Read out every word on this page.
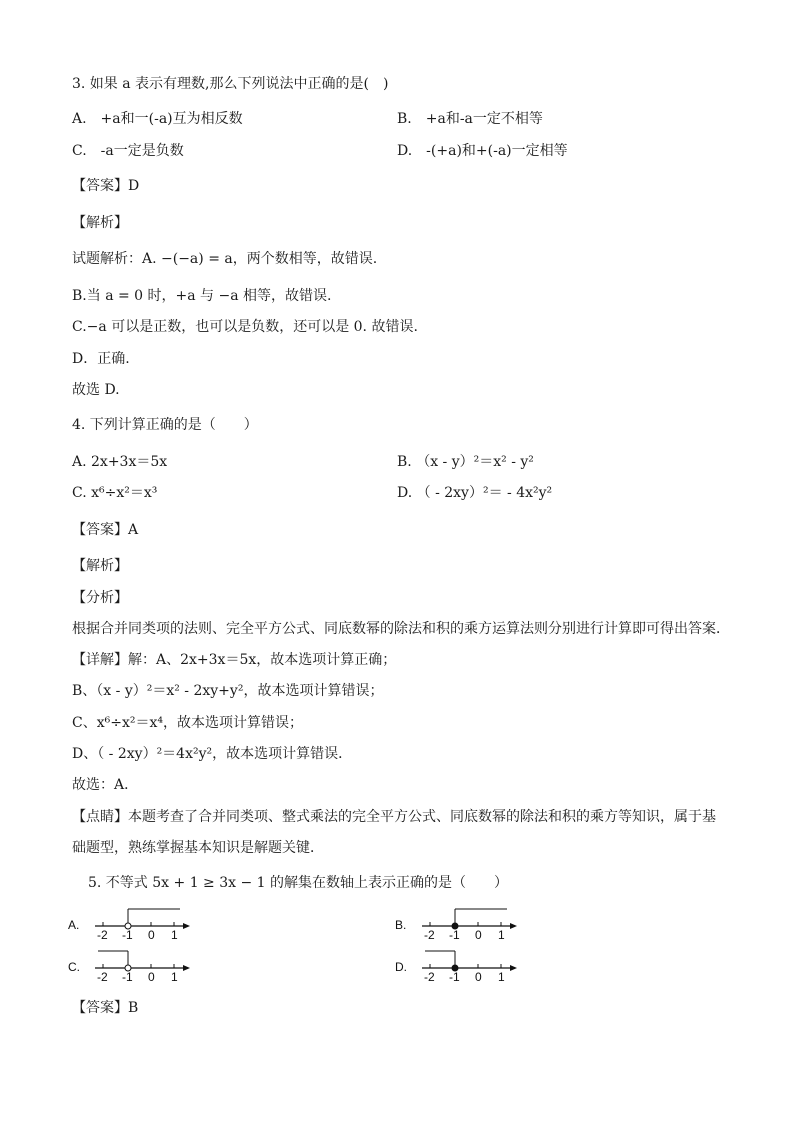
3. 如果 a 表示有理数,那么下列说法中正确的是(　)
A.　+a和一(-a)互为相反数	B.　+a和-a一定不相等
C.　-a一定是负数	D.　-(+a)和+(-a)一定相等
【答案】D
【解析】
试题解析：A. −(−a) = a，两个数相等，故错误.
B.当 a = 0 时，+a 与 −a 相等，故错误.
C.−a 可以是正数，也可以是负数，还可以是 0. 故错误.
D．正确.
故选 D.
4. 下列计算正确的是（　　）
A. 2x+3x＝5x	B. （x - y）²＝x² - y²
C. x⁶÷x²＝x³	D. （ - 2xy）²＝ - 4x²y²
【答案】A
【解析】
【分析】
根据合并同类项的法则、完全平方公式、同底数幂的除法和积的乘方运算法则分别进行计算即可得出答案．
【详解】解：A、2x+3x＝5x，故本选项计算正确；
B、（x - y）²＝x² - 2xy+y²，故本选项计算错误；
C、x⁶÷x²＝x⁴，故本选项计算错误；
D、（ - 2xy）²＝4x²y²，故本选项计算错误．
故选：A．
【点睛】本题考查了合并同类项、整式乘法的完全平方公式、同底数幂的除法和积的乘方等知识，属于基
础题型，熟练掌握基本知识是解题关键．
5. 不等式 5x + 1 ≥ 3x − 1 的解集在数轴上表示正确的是（　　）
A.
-2 -1 0 1
B.
-2 -1 0 1
C.
-2 -1 0 1
D.
-2 -1 0 1
【答案】B
